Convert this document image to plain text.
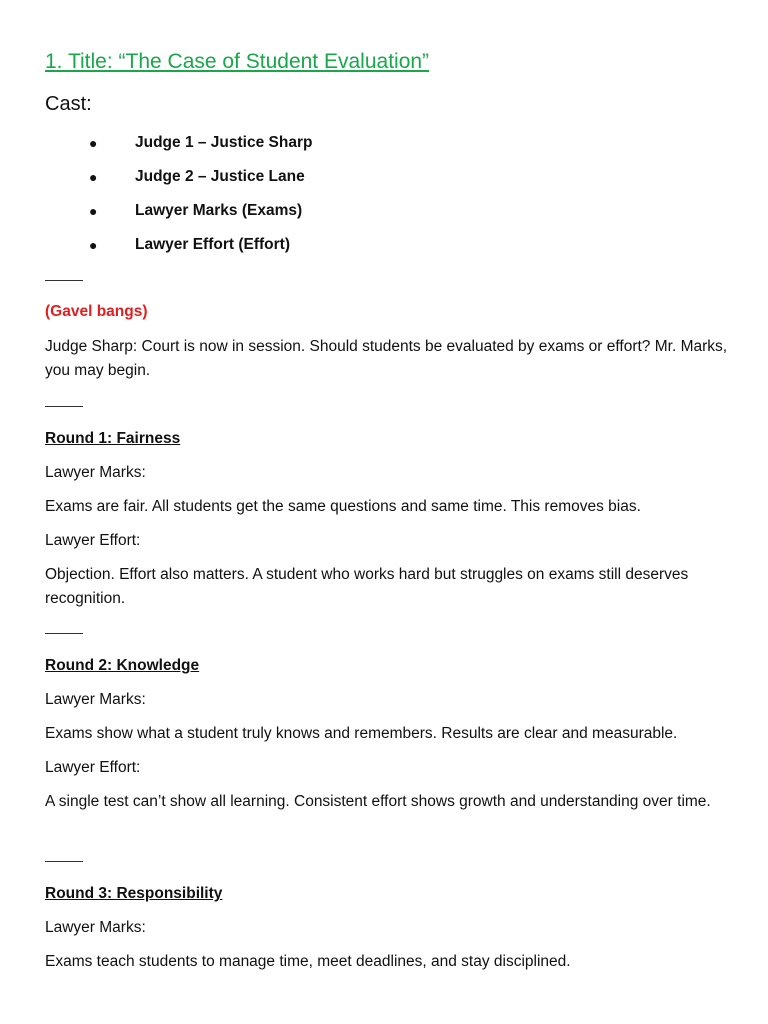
1. Title: “The Case of Student Evaluation”
Cast:
● Judge 1 – Justice Sharp
● Judge 2 – Justice Lane
● Lawyer Marks (Exams)
● Lawyer Effort (Effort)
(Gavel bangs)
Judge Sharp: Court is now in session. Should students be evaluated by exams or effort? Mr. Marks, you may begin.
Round 1: Fairness
Lawyer Marks:
Exams are fair. All students get the same questions and same time. This removes bias.
Lawyer Effort:
Objection. Effort also matters. A student who works hard but struggles on exams still deserves recognition.
Round 2: Knowledge
Lawyer Marks:
Exams show what a student truly knows and remembers. Results are clear and measurable.
Lawyer Effort:
A single test can’t show all learning. Consistent effort shows growth and understanding over time.
Round 3: Responsibility
Lawyer Marks:
Exams teach students to manage time, meet deadlines, and stay disciplined.
